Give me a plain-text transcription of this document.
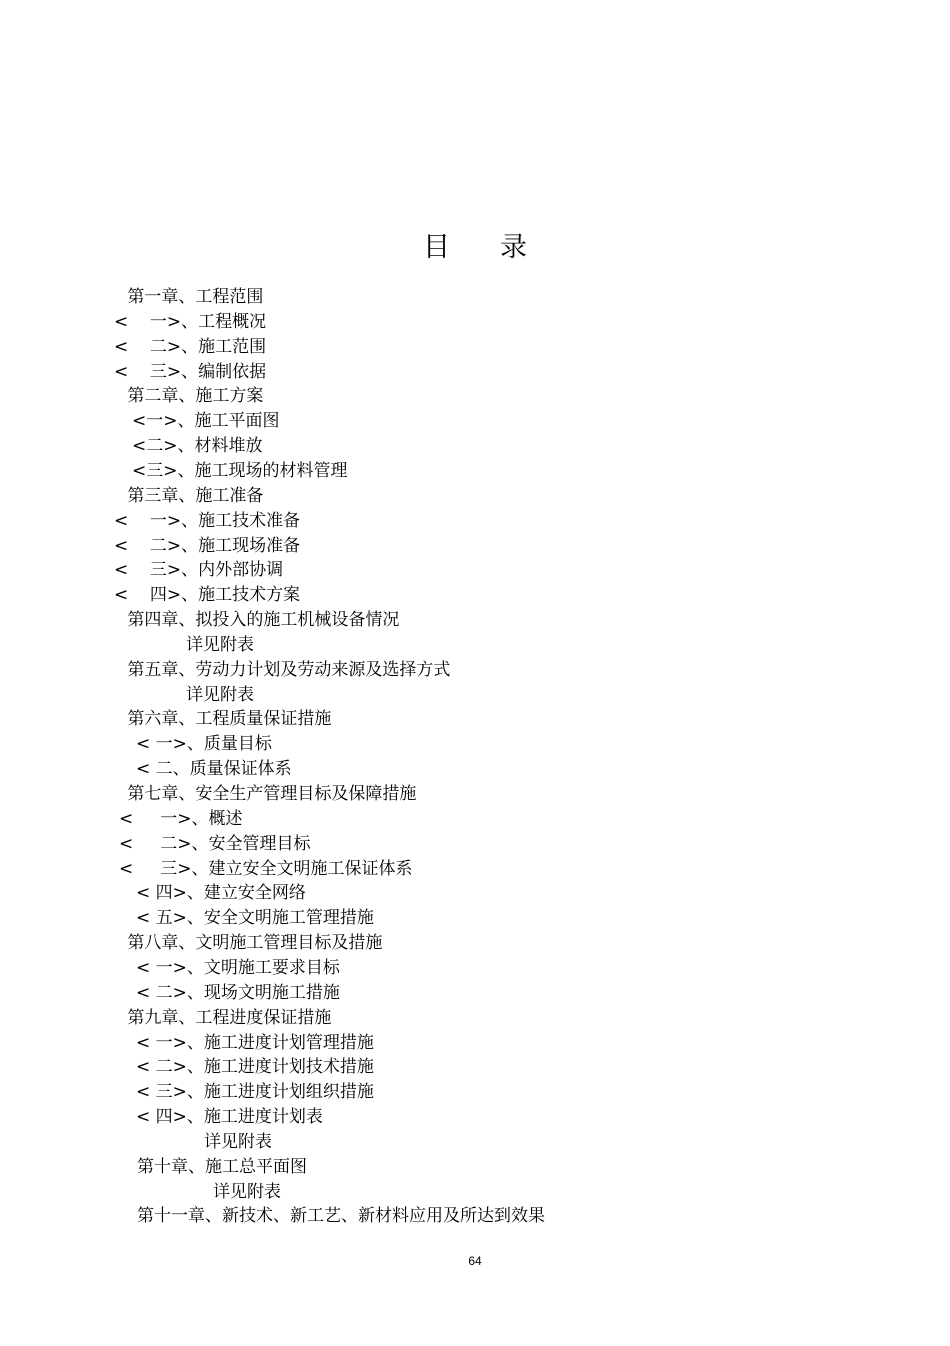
目 录
第一章、工程范围
<    一>、工程概况
<    二>、施工范围
<    三>、编制依据
第二章、施工方案
<一>、施工平面图
<二>、材料堆放
<三>、施工现场的材料管理
第三章、施工准备
<    一>、施工技术准备
<    二>、施工现场准备
<    三>、内外部协调
<    四>、施工技术方案
第四章、拟投入的施工机械设备情况
详见附表
第五章、劳动力计划及劳动来源及选择方式
详见附表
第六章、工程质量保证措施
< 一>、质量目标
< 二、质量保证体系
第七章、安全生产管理目标及保障措施
<     一>、概述
<     二>、安全管理目标
<     三>、建立安全文明施工保证体系
< 四>、建立安全网络
< 五>、安全文明施工管理措施
第八章、文明施工管理目标及措施
< 一>、文明施工要求目标
< 二>、现场文明施工措施
第九章、工程进度保证措施
< 一>、施工进度计划管理措施
< 二>、施工进度计划技术措施
< 三>、施工进度计划组织措施
< 四>、施工进度计划表
详见附表
第十章、施工总平面图
详见附表
第十一章、新技术、新工艺、新材料应用及所达到效果
64
